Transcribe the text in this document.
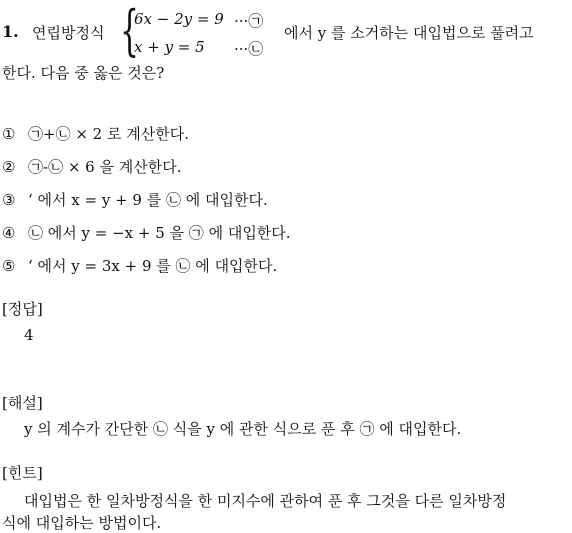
1. 연립방정식 {
6x − 2y = 9 ···㉠
x + y = 5 ···㉡
에서 y 를 소거하는 대입법으로 풀려고
한다. 다음 중 옳은 것은?
① ㉠+㉡ × 2 로 계산한다.
② ㉠-㉡ × 6 을 계산한다.
③ ‘ 에서 x = y + 9 를 ㉡ 에 대입한다.
④ ㉡ 에서 y = −x + 5 을 ㉠ 에 대입한다.
⑤ ‘ 에서 y = 3x + 9 를 ㉡ 에 대입한다.
[정답]
4
[해설]
y 의 계수가 간단한 ㉡ 식을 y 에 관한 식으로 푼 후 ㉠ 에 대입한다.
[힌트]
대입법은 한 일차방정식을 한 미지수에 관하여 푼 후 그것을 다른 일차방정
식에 대입하는 방법이다.
